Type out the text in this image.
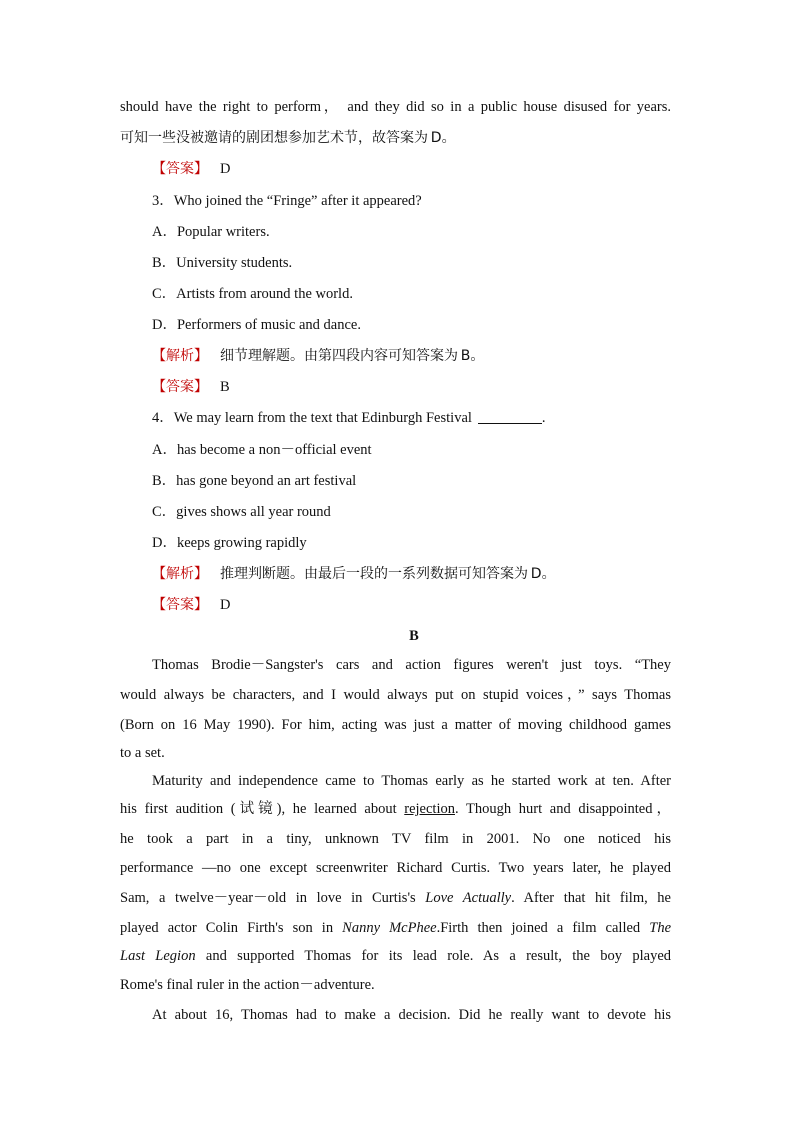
should have the right to perform， and they did so in a public house disused for years.
可知一些没被邀请的剧团想参加艺术节，故答案为 D。
【答案】 D
3．Who joined the “Fringe” after it appeared?
A．Popular writers.
B．University students.
C．Artists from around the world.
D．Performers of music and dance.
【解析】 细节理解题。由第四段内容可知答案为 B。
【答案】 B
4．We may learn from the text that Edinburgh Festival	.
A．has become a non－official event
B．has gone beyond an art festival
C．gives shows all year round
D．keeps growing rapidly
【解析】 推理判断题。由最后一段的一系列数据可知答案为 D。
【答案】 D
B
Thomas Brodie－Sangster's cars and action figures weren't just toys. “They
would always be characters, and I would always put on stupid voices，” says Thomas
(Born on 16 May 1990). For him, acting was just a matter of moving childhood games
to a set.
Maturity and independence came to Thomas early as he started work at ten. After
his first audition (试镜), he learned about rejection. Though hurt and disappointed，
he took a part in a tiny, unknown TV film in 2001. No one noticed his
performance —no one except screenwriter Richard Curtis. Two years later, he played
Sam, a twelve－year－old in love in Curtis's Love Actually. After that hit film, he
played actor Colin Firth's son in Nanny McPhee.Firth then joined a film called The
Last Legion and supported Thomas for its lead role. As a result, the boy played
Rome's final ruler in the action－adventure.
At about 16, Thomas had to make a decision. Did he really want to devote his
